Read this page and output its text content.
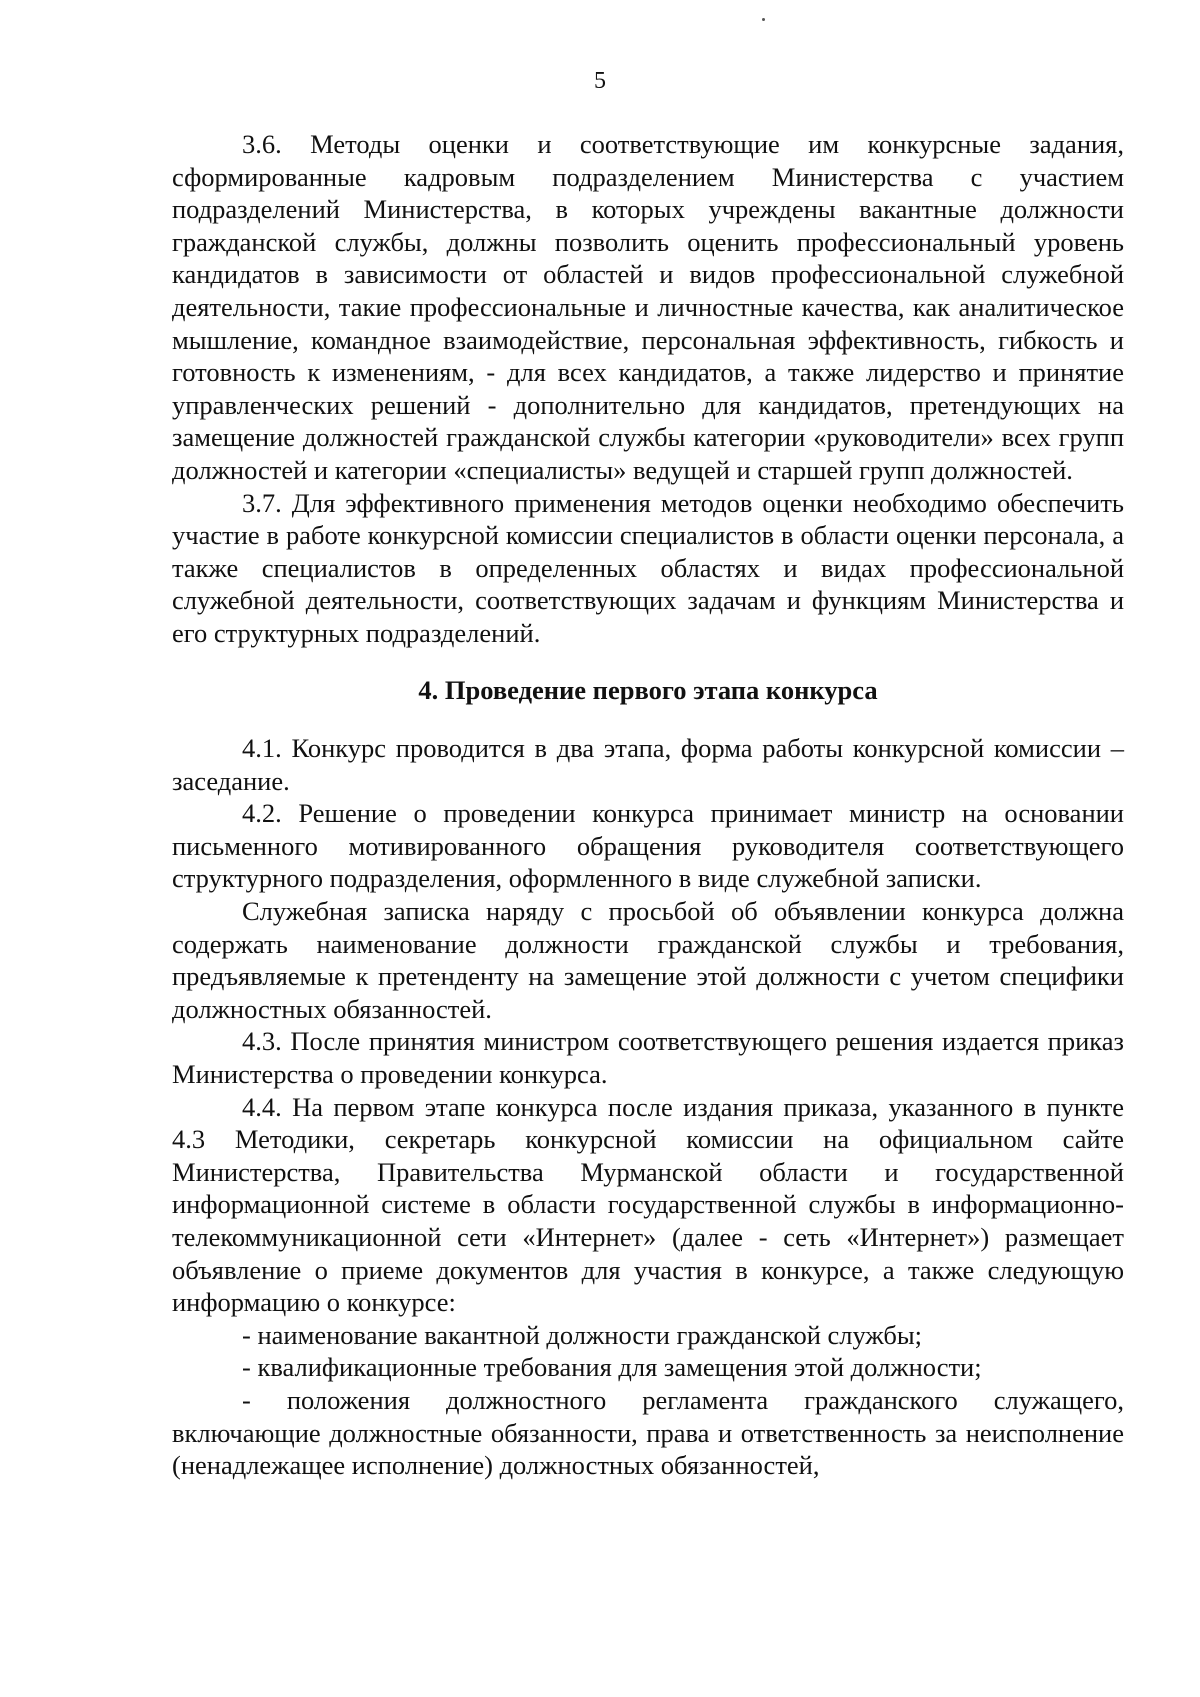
5

3.6. Методы оценки и соответствующие им конкурсные задания, сформированные кадровым подразделением Министерства с участием подразделений Министерства, в которых учреждены вакантные должности гражданской службы, должны позволить оценить профессиональный уровень кандидатов в зависимости от областей и видов профессиональной служебной деятельности, такие профессиональные и личностные качества, как аналитическое мышление, командное взаимодействие, персональная эффективность, гибкость и готовность к изменениям, - для всех кандидатов, а также лидерство и принятие управленческих решений - дополнительно для кандидатов, претендующих на замещение должностей гражданской службы категории «руководители» всех групп должностей и категории «специалисты» ведущей и старшей групп должностей.

3.7. Для эффективного применения методов оценки необходимо обеспечить участие в работе конкурсной комиссии специалистов в области оценки персонала, а также специалистов в определенных областях и видах профессиональной служебной деятельности, соответствующих задачам и функциям Министерства и его структурных подразделений.

4. Проведение первого этапа конкурса

4.1. Конкурс проводится в два этапа, форма работы конкурсной комиссии – заседание.

4.2. Решение о проведении конкурса принимает министр на основании письменного мотивированного обращения руководителя соответствующего структурного подразделения, оформленного в виде служебной записки.

Служебная записка наряду с просьбой об объявлении конкурса должна содержать наименование должности гражданской службы и требования, предъявляемые к претенденту на замещение этой должности с учетом специфики должностных обязанностей.

4.3. После принятия министром соответствующего решения издается приказ Министерства о проведении конкурса.

4.4. На первом этапе конкурса после издания приказа, указанного в пункте 4.3 Методики, секретарь конкурсной комиссии на официальном сайте Министерства, Правительства Мурманской области и государственной информационной системе в области государственной службы в информационно-телекоммуникационной сети «Интернет» (далее - сеть «Интернет») размещает объявление о приеме документов для участия в конкурсе, а также следующую информацию о конкурсе:

- наименование вакантной должности гражданской службы;

- квалификационные требования для замещения этой должности;

- положения должностного регламента гражданского служащего, включающие должностные обязанности, права и ответственность за неисполнение (ненадлежащее исполнение) должностных обязанностей,
